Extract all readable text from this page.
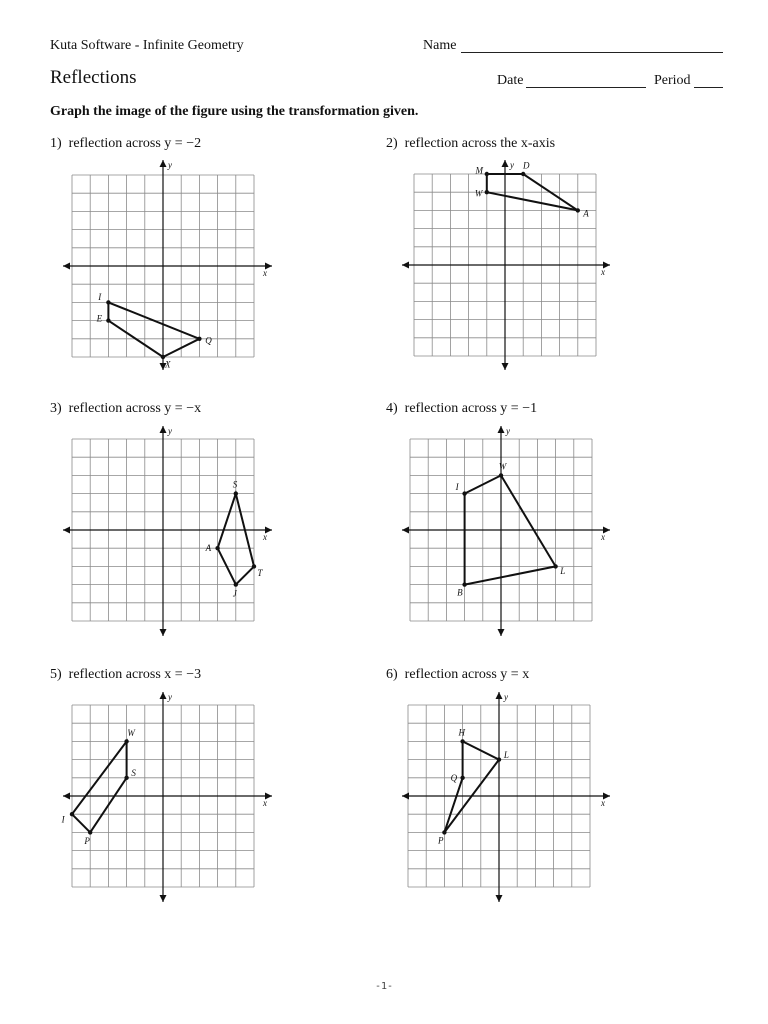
Kuta Software - Infinite Geometry	Name
Reflections	Date	Period
Graph the image of the figure using the transformation given.
1) reflection across y = −2
x
y
I
Q
X
E
2) reflection across the x-axis
x
y
M	D
A
W
3) reflection across y = −x
x
y
S
T
J
A
4) reflection across y = −1
x
y
W
L
B
I
5) reflection across x = −3
x
y
W
S
P
I
6) reflection across y = x
x
y
H
L
P
Q
-1-
